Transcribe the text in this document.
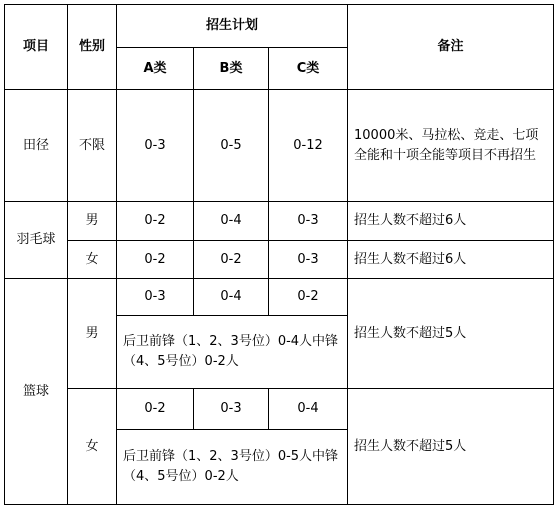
项目	性别	招生计划			备注
		A类	B类	C类	
田径	不限	0-3	0-5	0-12	10000米、马拉松、竞走、七项全能和十项全能等项目不再招生
羽毛球	男	0-2	0-4	0-3	招生人数不超过6人
	女	0-2	0-2	0-3	招生人数不超过6人
篮球	男	0-3	0-4	0-2	招生人数不超过5人
		后卫前锋（1、2、3号位）0-4人中锋（4、5号位）0-2人			
	女	0-2	0-3	0-4	招生人数不超过5人
		后卫前锋（1、2、3号位）0-5人中锋（4、5号位）0-2人			
